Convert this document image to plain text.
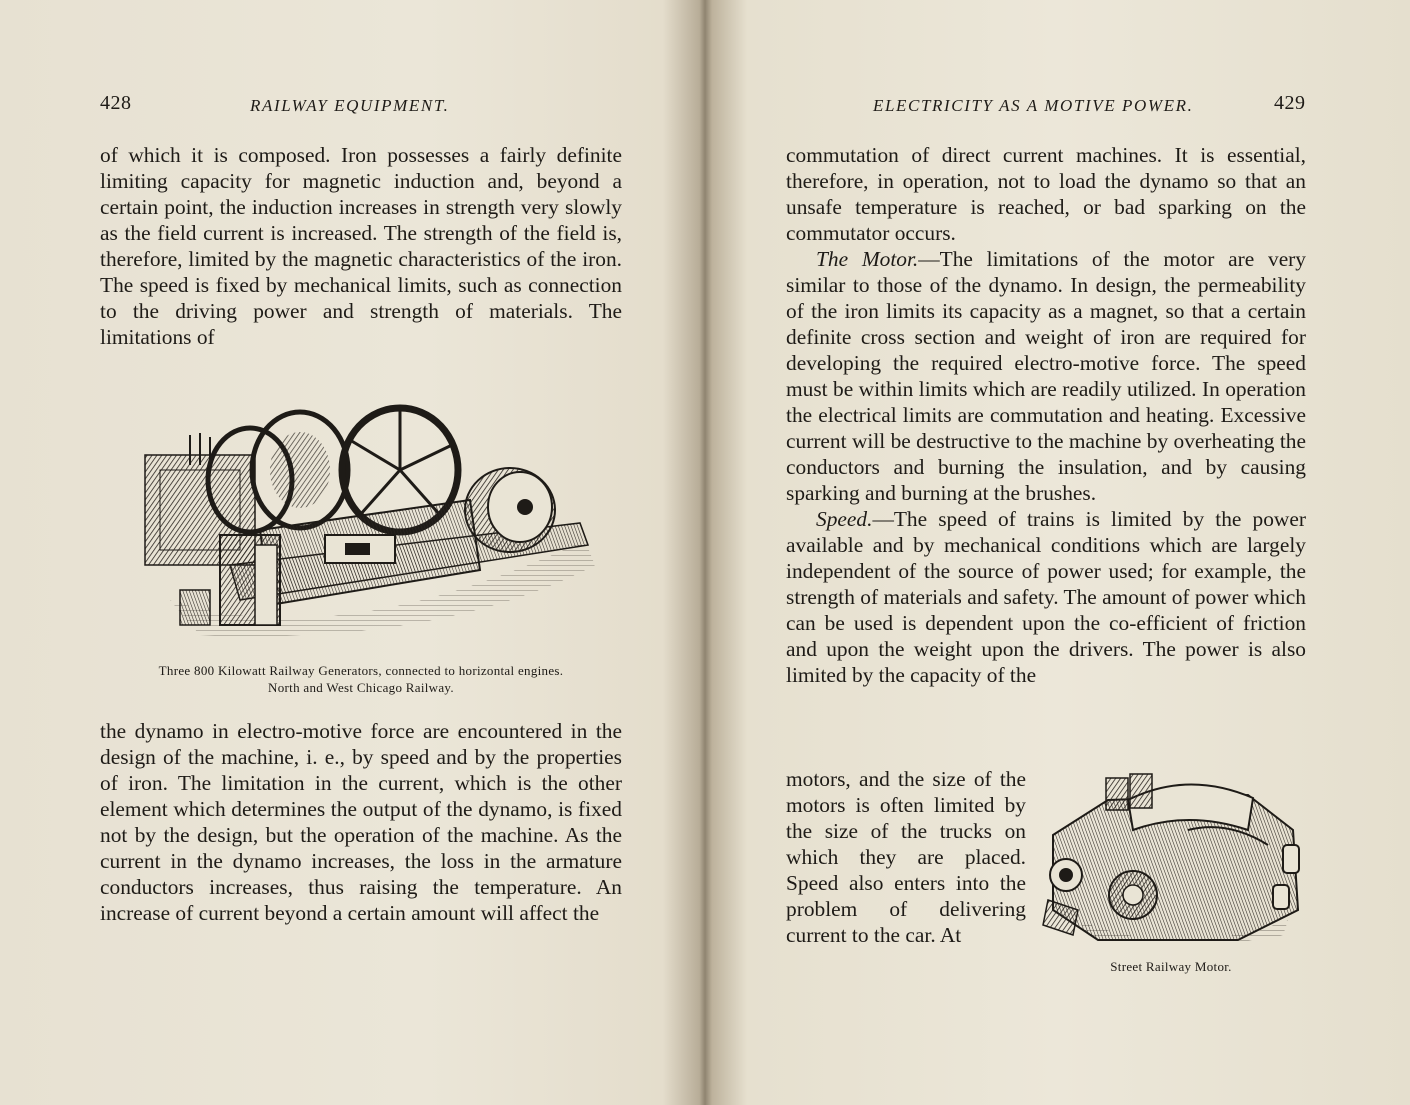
428	RAILWAY EQUIPMENT.

of which it is composed. Iron possesses a fairly definite limiting capacity for magnetic induction and, beyond a certain point, the induction increases in strength very slowly as the field current is increased. The strength of the field is, therefore, limited by the magnetic characteristics of the iron. The speed is fixed by mechanical limits, such as connection to the driving power and strength of materials. The limitations of

Three 800 Kilowatt Railway Generators, connected to horizontal engines.
North and West Chicago Railway.

the dynamo in electro-motive force are encountered in the design of the machine, i. e., by speed and by the properties of iron. The limitation in the current, which is the other element which determines the output of the dynamo, is fixed not by the design, but the operation of the machine. As the current in the dynamo increases, the loss in the armature conductors increases, thus raising the temperature. An increase of current beyond a certain amount will affect the

ELECTRICITY AS A MOTIVE POWER.	429

commutation of direct current machines. It is essential, therefore, in operation, not to load the dynamo so that an unsafe temperature is reached, or bad sparking on the commutator occurs.

The Motor.—The limitations of the motor are very similar to those of the dynamo. In design, the permeability of the iron limits its capacity as a magnet, so that a certain definite cross section and weight of iron are required for developing the required electro-motive force. The speed must be within limits which are readily utilized. In operation the electrical limits are commutation and heating. Excessive current will be destructive to the machine by overheating the conductors and burning the insulation, and by causing sparking and burning at the brushes.

Speed.—The speed of trains is limited by the power available and by mechanical conditions which are largely independent of the source of power used; for example, the strength of materials and safety. The amount of power which can be used is dependent upon the co-efficient of friction and upon the weight upon the drivers. The power is also limited by the capacity of the

motors, and the size of the motors is often limited by the size of the trucks on which they are placed. Speed also enters into the problem of delivering current to the car. At

Street Railway Motor.
